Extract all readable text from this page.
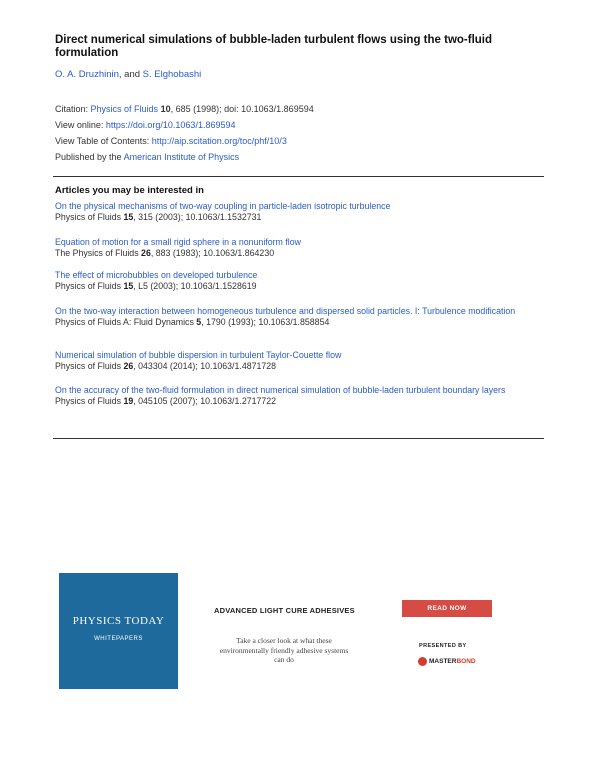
Direct numerical simulations of bubble-laden turbulent flows using the two-fluid formulation
O. A. Druzhinin, and S. Elghobashi
Citation: Physics of Fluids 10, 685 (1998); doi: 10.1063/1.869594
View online: https://doi.org/10.1063/1.869594
View Table of Contents: http://aip.scitation.org/toc/phf/10/3
Published by the American Institute of Physics
Articles you may be interested in
On the physical mechanisms of two-way coupling in particle-laden isotropic turbulence
Physics of Fluids 15, 315 (2003); 10.1063/1.1532731
Equation of motion for a small rigid sphere in a nonuniform flow
The Physics of Fluids 26, 883 (1983); 10.1063/1.864230
The effect of microbubbles on developed turbulence
Physics of Fluids 15, L5 (2003); 10.1063/1.1528619
On the two-way interaction between homogeneous turbulence and dispersed solid particles. I: Turbulence modification
Physics of Fluids A: Fluid Dynamics 5, 1790 (1993); 10.1063/1.858854
Numerical simulation of bubble dispersion in turbulent Taylor-Couette flow
Physics of Fluids 26, 043304 (2014); 10.1063/1.4871728
On the accuracy of the two-fluid formulation in direct numerical simulation of bubble-laden turbulent boundary layers
Physics of Fluids 19, 045105 (2007); 10.1063/1.2717722
PHYSICS TODAY
WHITEPAPERS
ADVANCED LIGHT CURE ADHESIVES
Take a closer look at what these environmentally friendly adhesive systems can do
READ NOW
PRESENTED BY
MASTER BOND
